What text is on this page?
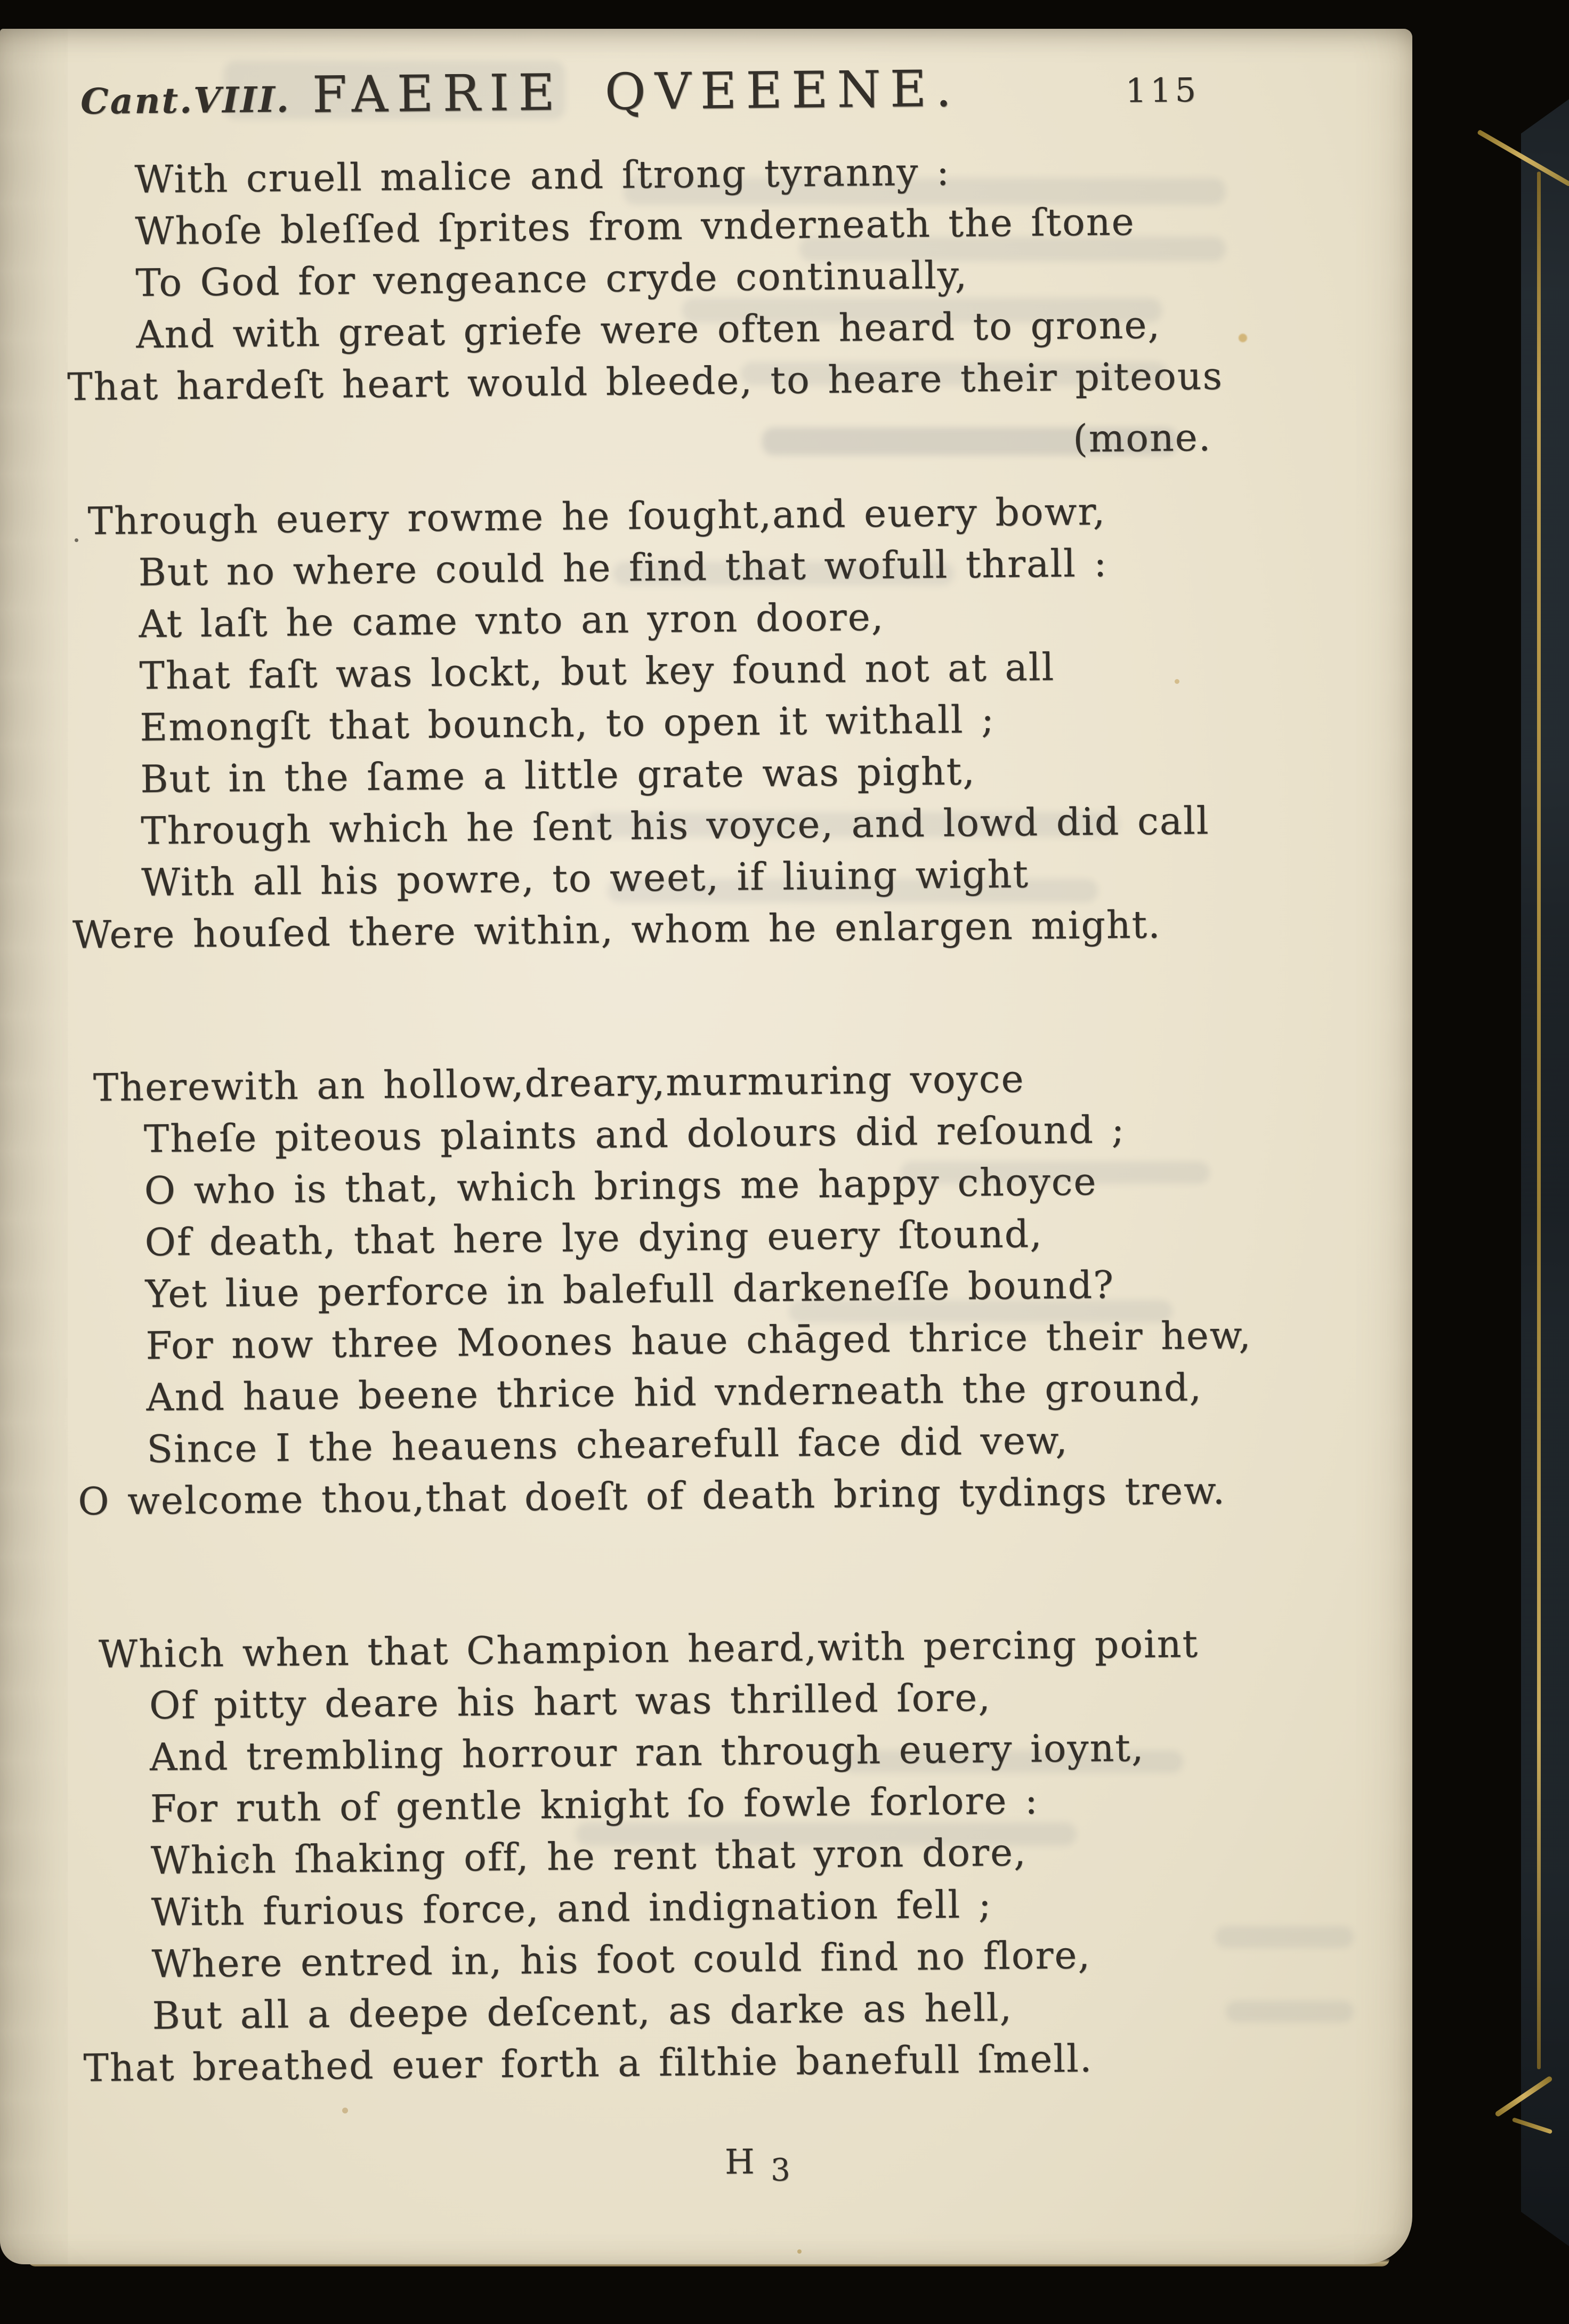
Cant.VIII. FAERIE QVEEENE.	115

With cruell malice and ſtrong tyranny :

Whoſe bleſſed ſprites from vnderneath the ſtone

To God for vengeance cryde continually,

And with great griefe were often heard to grone,

That hardeſt heart would bleede, to heare their piteous

(mone.

Through euery rowme he ſought,and euery bowr,

But no where could he find that wofull thrall :

At laſt he came vnto an yron doore,

That faſt was lockt, but key found not at all

Emongſt that bounch, to open it withall ;

But in the ſame a little grate was pight,

Through which he ſent his voyce, and lowd did call

With all his powre, to weet, if liuing wight

Were houſed there within, whom he enlargen might.

Therewith an hollow,dreary,murmuring voyce

Theſe piteous plaints and dolours did reſound ;

O who is that, which brings me happy choyce

Of death, that here lye dying euery ſtound,

Yet liue perforce in balefull darkeneſſe bound?

For now three Moones haue chāged thrice their hew,

And haue beene thrice hid vnderneath the ground,

Since I the heauens chearefull face did vew,

O welcome thou,that doeſt of death bring tydings trew.

Which when that Champion heard,with percing point

Of pitty deare his hart was thrilled ſore,

And trembling horrour ran through euery ioynt,

For ruth of gentle knight ſo fowle forlore :

Which ſhaking off, he rent that yron dore,

With furious force, and indignation fell ;

Where entred in, his foot could find no flore,

But all a deepe deſcent, as darke as hell,

That breathed euer forth a filthie banefull ſmell.

H 3
